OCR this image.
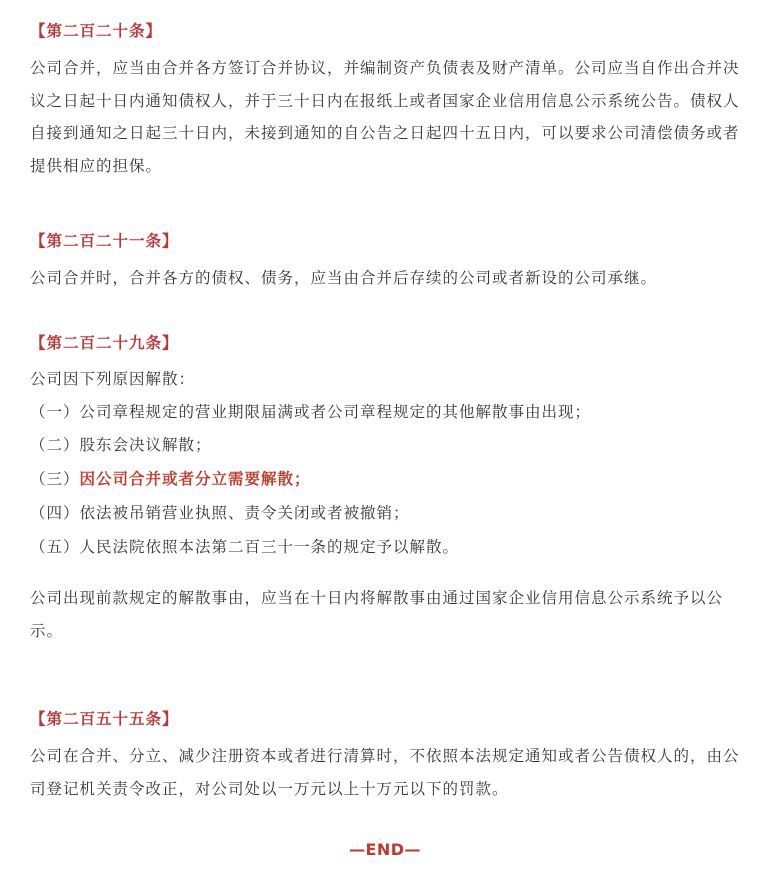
【第二百二十条】

公司合并，应当由合并各方签订合并协议，并编制资产负债表及财产清单。公司应当自作出合并决议之日起十日内通知债权人，并于三十日内在报纸上或者国家企业信用信息公示系统公告。债权人自接到通知之日起三十日内，未接到通知的自公告之日起四十五日内，可以要求公司清偿债务或者提供相应的担保。

【第二百二十一条】

公司合并时，合并各方的债权、债务，应当由合并后存续的公司或者新设的公司承继。

【第二百二十九条】

公司因下列原因解散：

（一）公司章程规定的营业期限届满或者公司章程规定的其他解散事由出现；

（二）股东会决议解散；

（三）因公司合并或者分立需要解散；

（四）依法被吊销营业执照、责令关闭或者被撤销；

（五）人民法院依照本法第二百三十一条的规定予以解散。

公司出现前款规定的解散事由，应当在十日内将解散事由通过国家企业信用信息公示系统予以公示。

【第二百五十五条】

公司在合并、分立、减少注册资本或者进行清算时，不依照本法规定通知或者公告债权人的，由公司登记机关责令改正，对公司处以一万元以上十万元以下的罚款。

—END—
